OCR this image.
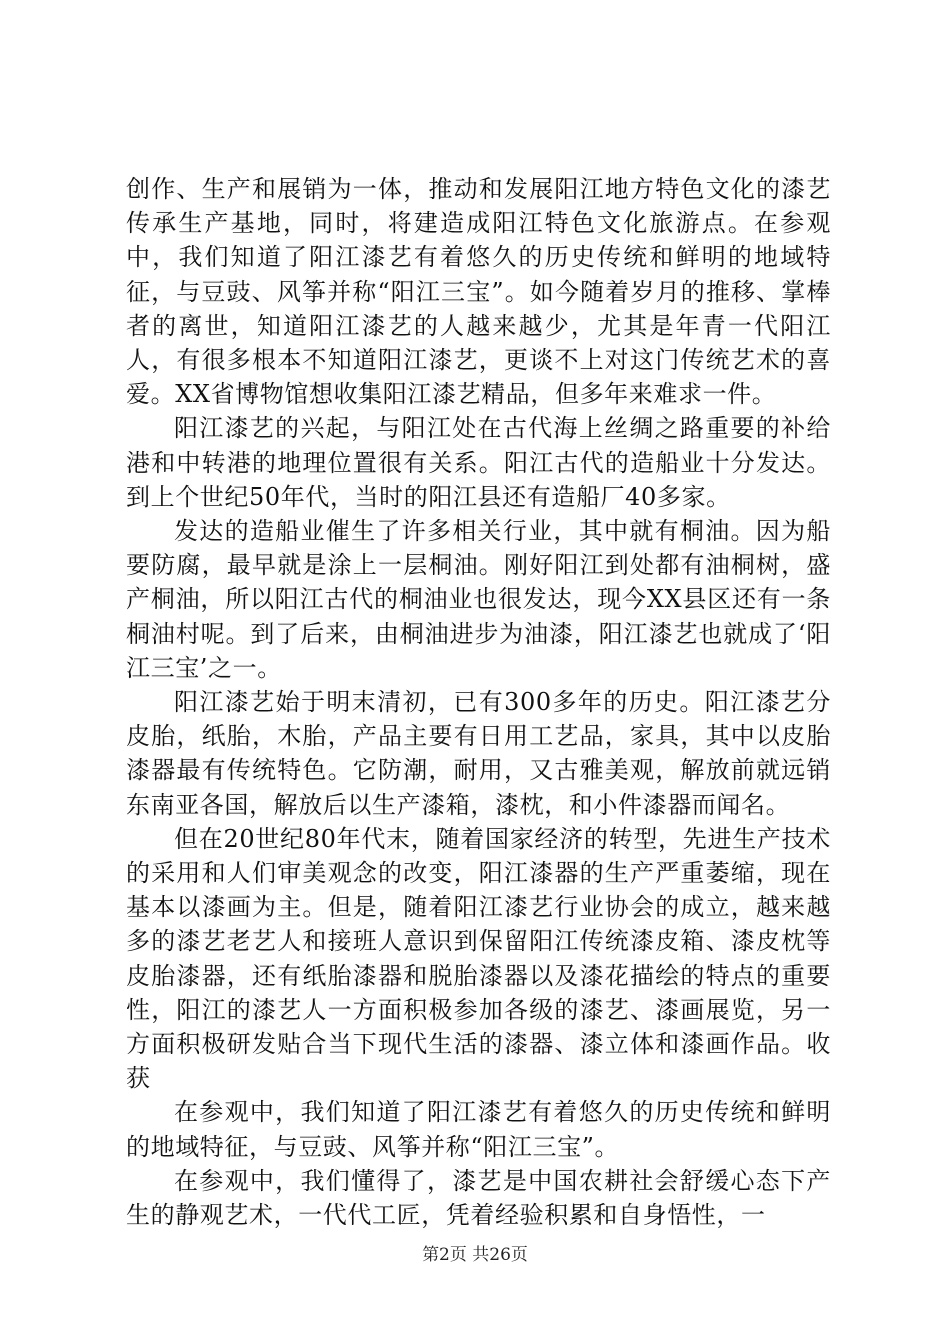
创作、生产和展销为一体，推动和发展阳江地方特色文化的漆艺传承生产基地，同时，将建造成阳江特色文化旅游点。在参观中，我们知道了阳江漆艺有着悠久的历史传统和鲜明的地域特征，与豆豉、风筝并称“阳江三宝”。如今随着岁月的推移、掌棒者的离世，知道阳江漆艺的人越来越少，尤其是年青一代阳江人，有很多根本不知道阳江漆艺，更谈不上对这门传统艺术的喜爱。XX省博物馆想收集阳江漆艺精品，但多年来难求一件。

阳江漆艺的兴起，与阳江处在古代海上丝绸之路重要的补给港和中转港的地理位置很有关系。阳江古代的造船业十分发达。到上个世纪50年代，当时的阳江县还有造船厂40多家。

发达的造船业催生了许多相关行业，其中就有桐油。因为船要防腐，最早就是涂上一层桐油。刚好阳江到处都有油桐树，盛产桐油，所以阳江古代的桐油业也很发达，现今XX县区还有一条桐油村呢。到了后来，由桐油进步为油漆，阳江漆艺也就成了‘阳江三宝’之一。

阳江漆艺始于明末清初，已有300多年的历史。阳江漆艺分皮胎，纸胎，木胎，产品主要有日用工艺品，家具，其中以皮胎漆器最有传统特色。它防潮，耐用，又古雅美观，解放前就远销东南亚各国，解放后以生产漆箱，漆枕，和小件漆器而闻名。

但在20世纪80年代末，随着国家经济的转型，先进生产技术的采用和人们审美观念的改变，阳江漆器的生产严重萎缩，现在基本以漆画为主。但是，随着阳江漆艺行业协会的成立，越来越多的漆艺老艺人和接班人意识到保留阳江传统漆皮箱、漆皮枕等皮胎漆器，还有纸胎漆器和脱胎漆器以及漆花描绘的特点的重要性，阳江的漆艺人一方面积极参加各级的漆艺、漆画展览，另一方面积极研发贴合当下现代生活的漆器、漆立体和漆画作品。收获

在参观中，我们知道了阳江漆艺有着悠久的历史传统和鲜明的地域特征，与豆豉、风筝并称“阳江三宝”。

在参观中，我们懂得了，漆艺是中国农耕社会舒缓心态下产生的静观艺术，一代代工匠，凭着经验积累和自身悟性，一

第2页 共26页
